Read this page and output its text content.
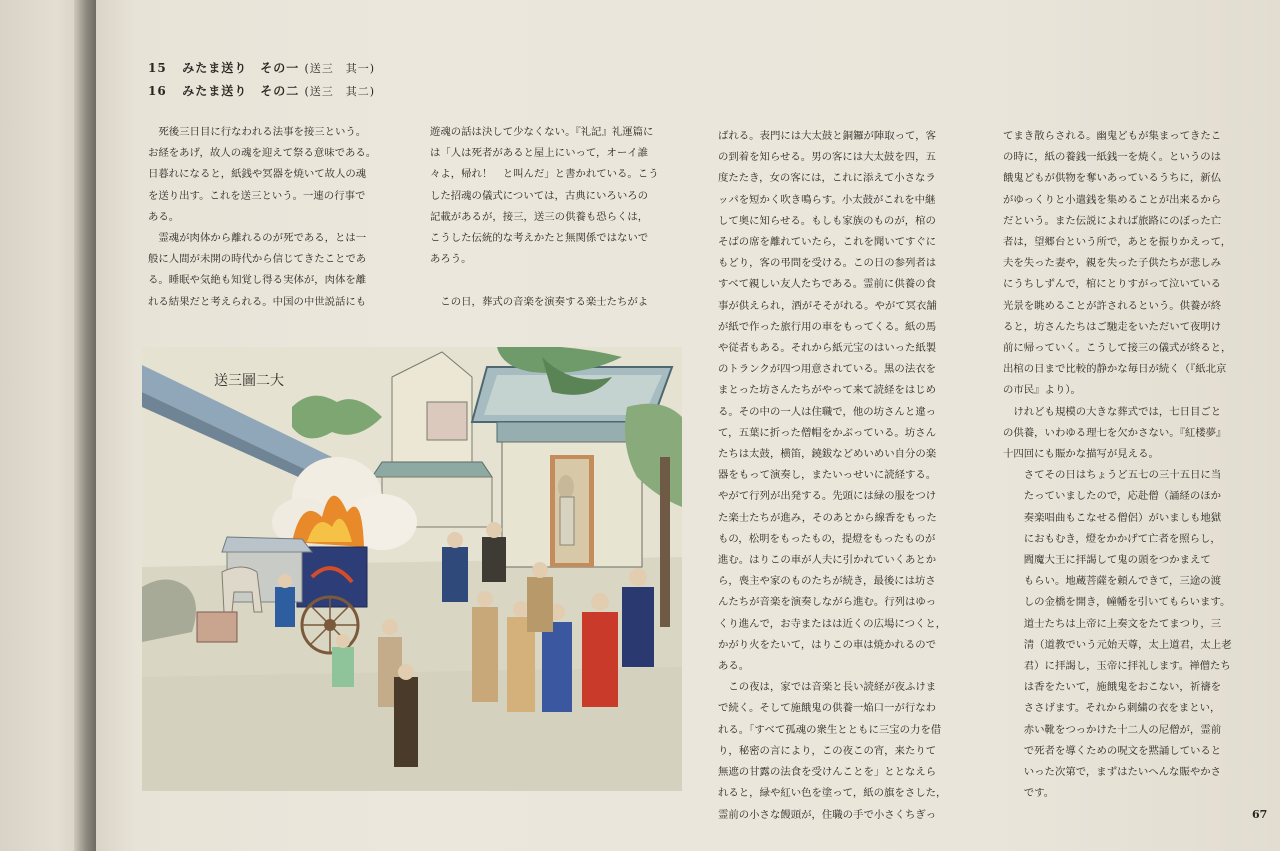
15 みたま送り　その一 (送三　其一)
16 みたま送り　その二 (送三　其二)

　死後三日目に行なわれる法事を接三という。

お経をあげ，故人の魂を迎えて祭る意味である。

日暮れになると，紙銭や冥器を焼いて故人の魂

を送り出す。これを送三という。一連の行事で

ある。

　霊魂が肉体から離れるのが死である，とは一

般に人間が未開の時代から信じてきたことであ

る。睡眠や気絶も知覚し得る実体が，肉体を離

れる結果だと考えられる。中国の中世説話にも

遊魂の話は決して少なくない。『礼記』礼運篇に

は「人は死者があると屋上にいって，オーイ誰

々よ，帰れ！　と叫んだ」と書かれている。こう

した招魂の儀式については，古典にいろいろの

記載があるが，接三，送三の供養も恐らくは，

こうした伝統的な考えかたと無関係ではないで

あろう。

　この日，葬式の音楽を演奏する楽士たちがよ

ばれる。表門には大太鼓と銅鑼が陣取って，客

の到着を知らせる。男の客には大太鼓を四，五

度たたき，女の客には，これに添えて小さなラ

ッパを短かく吹き鳴らす。小太鼓がこれを中継

して奥に知らせる。もしも家族のものが，棺の

そばの席を離れていたら，これを聞いてすぐに

もどり，客の弔問を受ける。この日の参列者は

すべて親しい友人たちである。霊前に供養の食

事が供えられ，酒がそそがれる。やがて冥衣舗

が紙で作った旅行用の車をもってくる。紙の馬

や従者もある。それから紙元宝のはいった紙製

のトランクが四つ用意されている。黒の法衣を

まとった坊さんたちがやって来て読経をはじめ

る。その中の一人は住職で，他の坊さんと違っ

て，五葉に折った僧帽をかぶっている。坊さん

たちは太鼓，横笛，鐃鈸などめいめい自分の楽

器をもって演奏し，またいっせいに読経する。

やがて行列が出発する。先頭には緑の服をつけ

た楽士たちが進み，そのあとから線香をもった

もの，松明をもったもの，提燈をもったものが

進む。はりこの車が人夫に引かれていくあとか

ら，喪主や家のものたちが続き，最後には坊さ

んたちが音楽を演奏しながら進む。行列はゆっ

くり進んで，お寺またはは近くの広場につくと，

かがり火をたいて，はりこの車は焼かれるので

ある。

　この夜は，家では音楽と長い読経が夜ふけま

で続く。そして施餓鬼の供養一焔口一が行なわ

れる。「すべて孤魂の衆生とともに三宝の力を借

り，秘密の言により，この夜この宵，来たりて

無遮の甘露の法食を受けんことを」ととなえら

れると，緑や紅い色を塗って，紙の旗をさした，

霊前の小さな饅頭が，住職の手で小さくちぎっ

てまき散らされる。幽鬼どもが集まってきたこ

の時に，紙の養銭一紙銭一を焼く。というのは

餓鬼どもが供物を奪いあっているうちに，新仏

がゆっくりと小遣銭を集めることが出来るから

だという。また伝説によれば旅路にのぼった亡

者は，望郷台という所で，あとを振りかえって，

夫を失った妻や，親を失った子供たちが悲しみ

にうちしずんで，棺にとりすがって泣いている

光景を眺めることが許されるという。供養が終

ると，坊さんたちはご馳走をいただいて夜明け

前に帰っていく。こうして接三の儀式が終ると，

出棺の日まで比較的静かな毎日が続く（『紙北京

の市民』より）。

　けれども規模の大きな葬式では，七日目ごと

の供養，いわゆる理七を欠かさない。『紅楼夢』

十四回にも賑かな描写が見える。

　　さてその日はちょうど五七の三十五日に当

　　たっていましたので，応赴僧（誦経のほか

　　奏楽唱曲もこなせる僧侶）がいましも地獄

　　におもむき，燈をかかげて亡者を照らし，

　　閻魔大王に拝謁して鬼の頭をつかまえて

　　もらい。地蔵菩薩を頼んできて，三途の渡

　　しの金橋を開き，幢幡を引いてもらいます。

　　道士たちは上帝に上奏文をたてまつり，三

　　清（道教でいう元始天尊，太上道君，太上老

　　君）に拝謁し，玉帝に拝礼します。禅僧たち

　　は香をたいて，施餓鬼をおこない，祈禱を

　　ささげます。それから刺繍の衣をまとい，

　　赤い靴をつっかけた十二人の尼僧が，霊前

　　で死者を導くための呪文を黙誦していると

　　いった次第で，まずはたいへんな賑やかさ

　　です。

送三圖二大
67
